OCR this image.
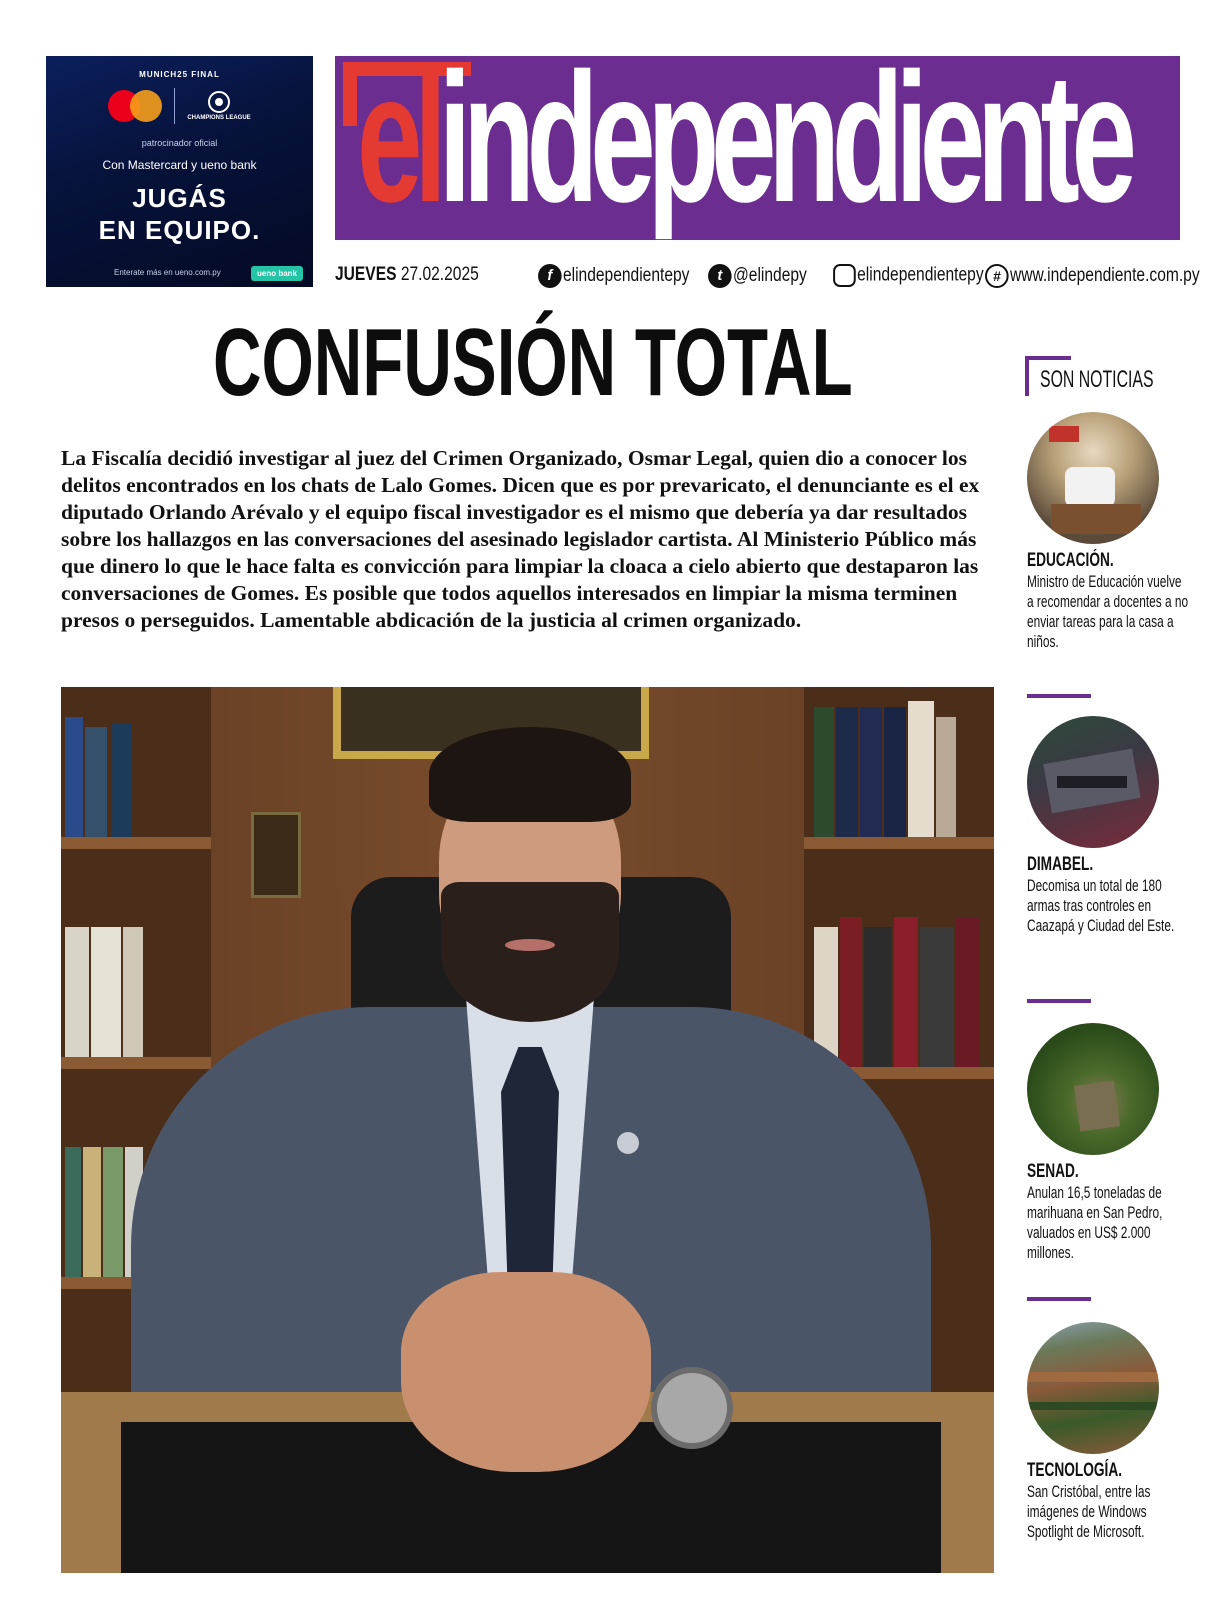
MUNICH25 FINAL
CHAMPIONS LEAGUE
patrocinador oficial
Con Mastercard y ueno bank
JUGÁS
EN EQUIPO.
Enterate más en ueno.com.py	ueno bank
elindependiente
JUEVES 27.02.2025	f elindependientepy	t @elindepy	o elindependientepy # www.independiente.com.py
CONFUSIÓN TOTAL
La Fiscalía decidió investigar al juez del Crimen Organizado, Osmar Legal, quien dio a conocer los delitos encontrados en los chats de Lalo Gomes. Dicen que es por prevaricato, el denunciante es el ex diputado Orlando Arévalo y el equipo fiscal investigador es el mismo que debería ya dar resultados sobre los hallazgos en las conversaciones del asesinado legislador cartista. Al Ministerio Público más que dinero lo que le hace falta es convicción para limpiar la cloaca a cielo abierto que destaparon las conversaciones de Gomes. Es posible que todos aquellos interesados en limpiar la misma terminen presos o perseguidos. Lamentable abdicación de la justicia al crimen organizado.
SON NOTICIAS
EDUCACIÓN.
Ministro de Educación vuelve a recomendar a docentes a no enviar tareas para la casa a niños.
DIMABEL.
Decomisa un total de 180 armas tras controles en Caazapá y Ciudad del Este.
SENAD.
Anulan 16,5 toneladas de marihuana en San Pedro, valuados en US$ 2.000 millones.
TECNOLOGÍA.
San Cristóbal, entre las imágenes de Windows Spotlight de Microsoft.
